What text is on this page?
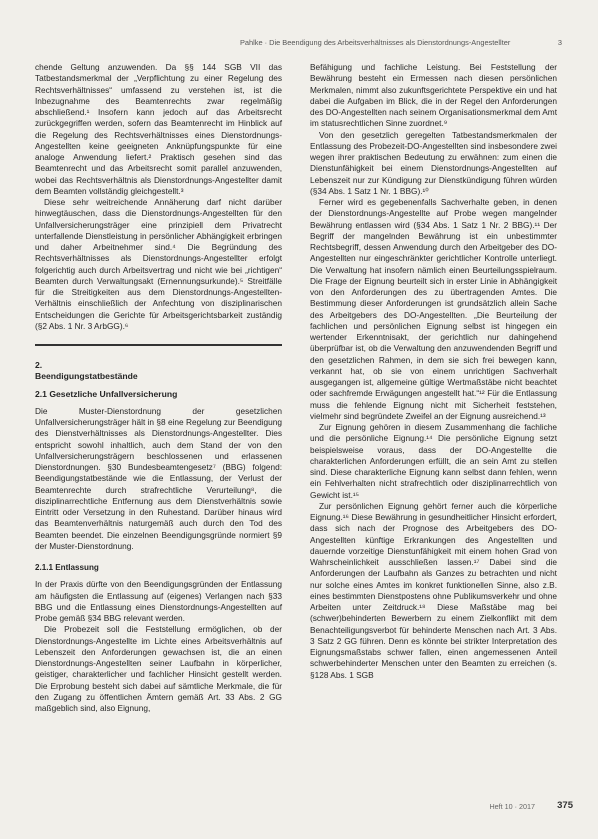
Pahlke · Die Beendigung des Arbeitsverhältnisses als Dienstordnungs-Angestellter	3

chende Geltung anzuwenden. Da §§ 144 SGB VII das Tatbestandsmerkmal der „Verpflichtung zu einer Regelung des Rechtsverhältnisses“ umfassend zu verstehen ist, ist die Inbezugnahme des Beamtenrechts zwar regelmäßig abschließend.¹ Insofern kann jedoch auf das Arbeitsrecht zurückgegriffen werden, sofern das Beamtenrecht im Hinblick auf die Regelung des Rechtsverhältnisses eines Dienstordnungs-Angestellten keine geeigneten Anknüpfungspunkte für eine analoge Anwendung liefert.² Praktisch gesehen sind das Beamtenrecht und das Arbeitsrecht somit parallel anzuwenden, wobei das Rechtsverhältnis als Dienstordnungs-Angestellter damit dem Beamten vollständig gleichgestellt.³

Diese sehr weitreichende Annäherung darf nicht darüber hinwegtäuschen, dass die Dienstordnungs-Angestellten für den Unfallversicherungsträger eine prinzipiell dem Privatrecht unterfallende Dienstleistung in persönlicher Abhängigkeit erbringen und daher Arbeitnehmer sind.⁴ Die Begründung des Rechtsverhältnisses als Dienstordnungs-Angestellter erfolgt folgerichtig auch durch Arbeitsvertrag und nicht wie bei „richtigen“ Beamten durch Verwaltungsakt (Ernennungsurkunde).⁵ Streitfälle für die Streitigkeiten aus dem Dienstordnungs-Angestellten-Verhältnis einschließlich der Anfechtung von disziplinarischen Entscheidungen die Gerichte für Arbeitsgerichtsbarkeit zuständig (§2 Abs. 1 Nr. 3 ArbGG).⁶

2.
Beendigungstatbestände
2.1 Gesetzliche Unfallversicherung

Die Muster-Dienstordnung der gesetzlichen Unfallversicherungsträger hält in §8 eine Regelung zur Beendigung des Dienstverhältnisses als Dienstordnungs-Angestellter. Dies entspricht sowohl inhaltlich, auch dem Stand der von den Unfallversicherungsträgern beschlossenen und erlassenen Dienstordnungen. §30 Bundesbeamtengesetz⁷ (BBG) folgend: Beendigungstatbestände wie die Entlassung, der Verlust der Beamtenrechte durch strafrechtliche Verurteilung⁸, die disziplinarrechtliche Entfernung aus dem Dienstverhältnis sowie Eintritt oder Versetzung in den Ruhestand. Darüber hinaus wird das Beamtenverhältnis naturgemäß auch durch den Tod des Beamten beendet. Die einzelnen Beendigungsgründe normiert §9 der Muster-Dienstordnung.

2.1.1 Entlassung

In der Praxis dürfte von den Beendigungsgründen der Entlassung am häufigsten die Entlassung auf (eigenes) Verlangen nach §33 BBG und die Entlassung eines Dienstordnungs-Angestellten auf Probe gemäß §34 BBG relevant werden.

Die Probezeit soll die Feststellung ermöglichen, ob der Dienstordnungs-Angestellte im Lichte eines Arbeitsverhältnis auf Lebenszeit den Anforderungen gewachsen ist, die an einen Dienstordnungs-Angestellten seiner Laufbahn in körperlicher, geistiger, charakterlicher und fachlicher Hinsicht gestellt werden. Die Erprobung besteht sich dabei auf sämtliche Merkmale, die für den Zugang zu öffentlichen Ämtern gemäß Art. 33 Abs. 2 GG maßgeblich sind, also Eignung,

Befähigung und fachliche Leistung. Bei Feststellung der Bewährung besteht ein Ermessen nach diesen persönlichen Merkmalen, nimmt also zukunftsgerichtete Perspektive ein und hat dabei die Aufgaben im Blick, die in der Regel den Anforderungen des DO-Angestellten nach seinem Organisationsmerkmal dem Amt im statusrechtlichen Sinne zuordnet.⁹

Von den gesetzlich geregelten Tatbestandsmerkmalen der Entlassung des Probezeit-DO-Angestellten sind insbesondere zwei wegen ihrer praktischen Bedeutung zu erwähnen: zum einen die Dienstunfähigkeit bei einem Dienstordnungs-Angestellten auf Lebenszeit nur zur Kündigung zur Dienstkündigung führen würden (§34 Abs. 1 Satz 1 Nr. 1 BBG).¹⁰

Ferner wird es gegebenenfalls Sachverhalte geben, in denen der Dienstordnungs-Angestellte auf Probe wegen mangelnder Bewährung entlassen wird (§34 Abs. 1 Satz 1 Nr. 2 BBG).¹¹ Der Begriff der mangelnden Bewährung ist ein unbestimmter Rechtsbegriff, dessen Anwendung durch den Arbeitgeber des DO-Angestellten nur eingeschränkter gerichtlicher Kontrolle unterliegt. Die Verwaltung hat insofern nämlich einen Beurteilungsspielraum. Die Frage der Eignung beurteilt sich in erster Linie in Abhängigkeit von den Anforderungen des zu übertragenden Amtes. Die Bestimmung dieser Anforderungen ist grundsätzlich allein Sache des Arbeitgebers des DO-Angestellten. „Die Beurteilung der fachlichen und persönlichen Eignung selbst ist hingegen ein wertender Erkenntnisakt, der gerichtlich nur dahingehend überprüfbar ist, ob die Verwaltung den anzuwendenden Begriff und den gesetzlichen Rahmen, in dem sie sich frei bewegen kann, verkannt hat, ob sie von einem unrichtigen Sachverhalt ausgegangen ist, allgemeine gültige Wertmaßstäbe nicht beachtet oder sachfremde Erwägungen angestellt hat.“¹² Für die Entlassung muss die fehlende Eignung nicht mit Sicherheit feststehen, vielmehr sind begründete Zweifel an der Eignung ausreichend.¹³

Zur Eignung gehören in diesem Zusammenhang die fachliche und die persönliche Eignung.¹⁴ Die persönliche Eignung setzt beispielsweise voraus, dass der DO-Angestellte die charakterlichen Anforderungen erfüllt, die an sein Amt zu stellen sind. Diese charakterliche Eignung kann selbst dann fehlen, wenn ein Fehlverhalten nicht strafrechtlich oder disziplinarrechtlich von Gewicht ist.¹⁵

Zur persönlichen Eignung gehört ferner auch die körperliche Eignung.¹⁶ Diese Bewährung in gesundheitlicher Hinsicht erfordert, dass sich nach der Prognose des Arbeitgebers des DO-Angestellten künftige Erkrankungen des Angestellten und dauernde vorzeitige Dienstunfähigkeit mit einem hohen Grad von Wahrscheinlichkeit ausschließen lassen.¹⁷ Dabei sind die Anforderungen der Laufbahn als Ganzes zu betrachten und nicht nur solche eines Amtes im konkret funktionellen Sinne, also z.B. eines bestimmten Dienstpostens ohne Publikumsverkehr und ohne Arbeiten unter Zeitdruck.¹⁸ Diese Maßstäbe mag bei (schwer)behinderten Bewerbern zu einem Zielkonflikt mit dem Benachteiligungsverbot für behinderte Menschen nach Art. 3 Abs. 3 Satz 2 GG führen. Denn es könnte bei strikter Interpretation des Eignungsmaßstabs schwer fallen, einen angemessenen Anteil schwerbehinderter Menschen unter den Beamten zu erreichen (s. §128 Abs. 1 SGB

Heft 10 · 2017 375
